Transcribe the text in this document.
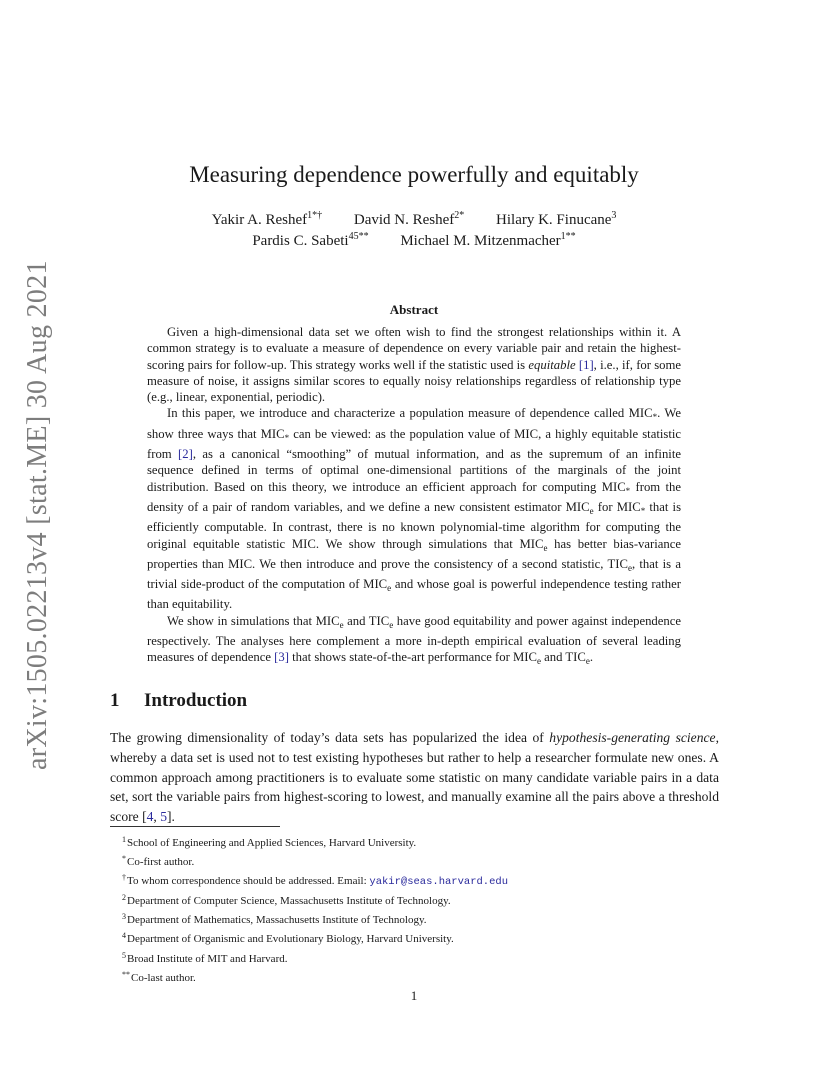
arXiv:1505.02213v4 [stat.ME] 30 Aug 2021
Measuring dependence powerfully and equitably
Yakir A. Reshef$^{1*\dagger}$ David N. Reshef$^{2*}$ Hilary K. Finucane$^3$
Pardis C. Sabeti$^{45**}$ Michael M. Mitzenmacher$^{1**}$
Abstract

Given a high-dimensional data set we often wish to find the strongest relationships within it. A common strategy is to evaluate a measure of dependence on every variable pair and retain the highest-scoring pairs for follow-up. This strategy works well if the statistic used is equitable [1], i.e., if, for some measure of noise, it assigns similar scores to equally noisy relationships regardless of relationship type (e.g., linear, exponential, periodic).

In this paper, we introduce and characterize a population measure of dependence called $MIC_*$. We show three ways that $MIC_*$ can be viewed: as the population value of MIC, a highly equitable statistic from [2], as a canonical “smoothing” of mutual information, and as the supremum of an infinite sequence defined in terms of optimal one-dimensional partitions of the marginals of the joint distribution. Based on this theory, we introduce an efficient approach for computing $MIC_*$ from the density of a pair of random variables, and we define a new consistent estimator $MIC_e$ for $MIC_*$ that is efficiently computable. In contrast, there is no known polynomial-time algorithm for computing the original equitable statistic MIC. We show through simulations that $MIC_e$ has better bias-variance properties than MIC. We then introduce and prove the consistency of a second statistic, $TIC_e$, that is a trivial side-product of the computation of $MIC_e$ and whose goal is powerful independence testing rather than equitability.

We show in simulations that $MIC_e$ and $TIC_e$ have good equitability and power against independence respectively. The analyses here complement a more in-depth empirical evaluation of several leading measures of dependence [3] that shows state-of-the-art performance for $MIC_e$ and $TIC_e$.

1 Introduction

The growing dimensionality of today’s data sets has popularized the idea of hypothesis-generating science, whereby a data set is used not to test existing hypotheses but rather to help a researcher formulate new ones. A common approach among practitioners is to evaluate some statistic on many candidate variable pairs in a data set, sort the variable pairs from highest-scoring to lowest, and manually examine all the pairs above a threshold score [4, 5].

$^1$School of Engineering and Applied Sciences, Harvard University.
*Co-first author.
†To whom correspondence should be addressed. Email: yakir@seas.harvard.edu
$^2$Department of Computer Science, Massachusetts Institute of Technology.
$^3$Department of Mathematics, Massachusetts Institute of Technology.
$^4$Department of Organismic and Evolutionary Biology, Harvard University.
$^5$Broad Institute of MIT and Harvard.
**Co-last author.
1
